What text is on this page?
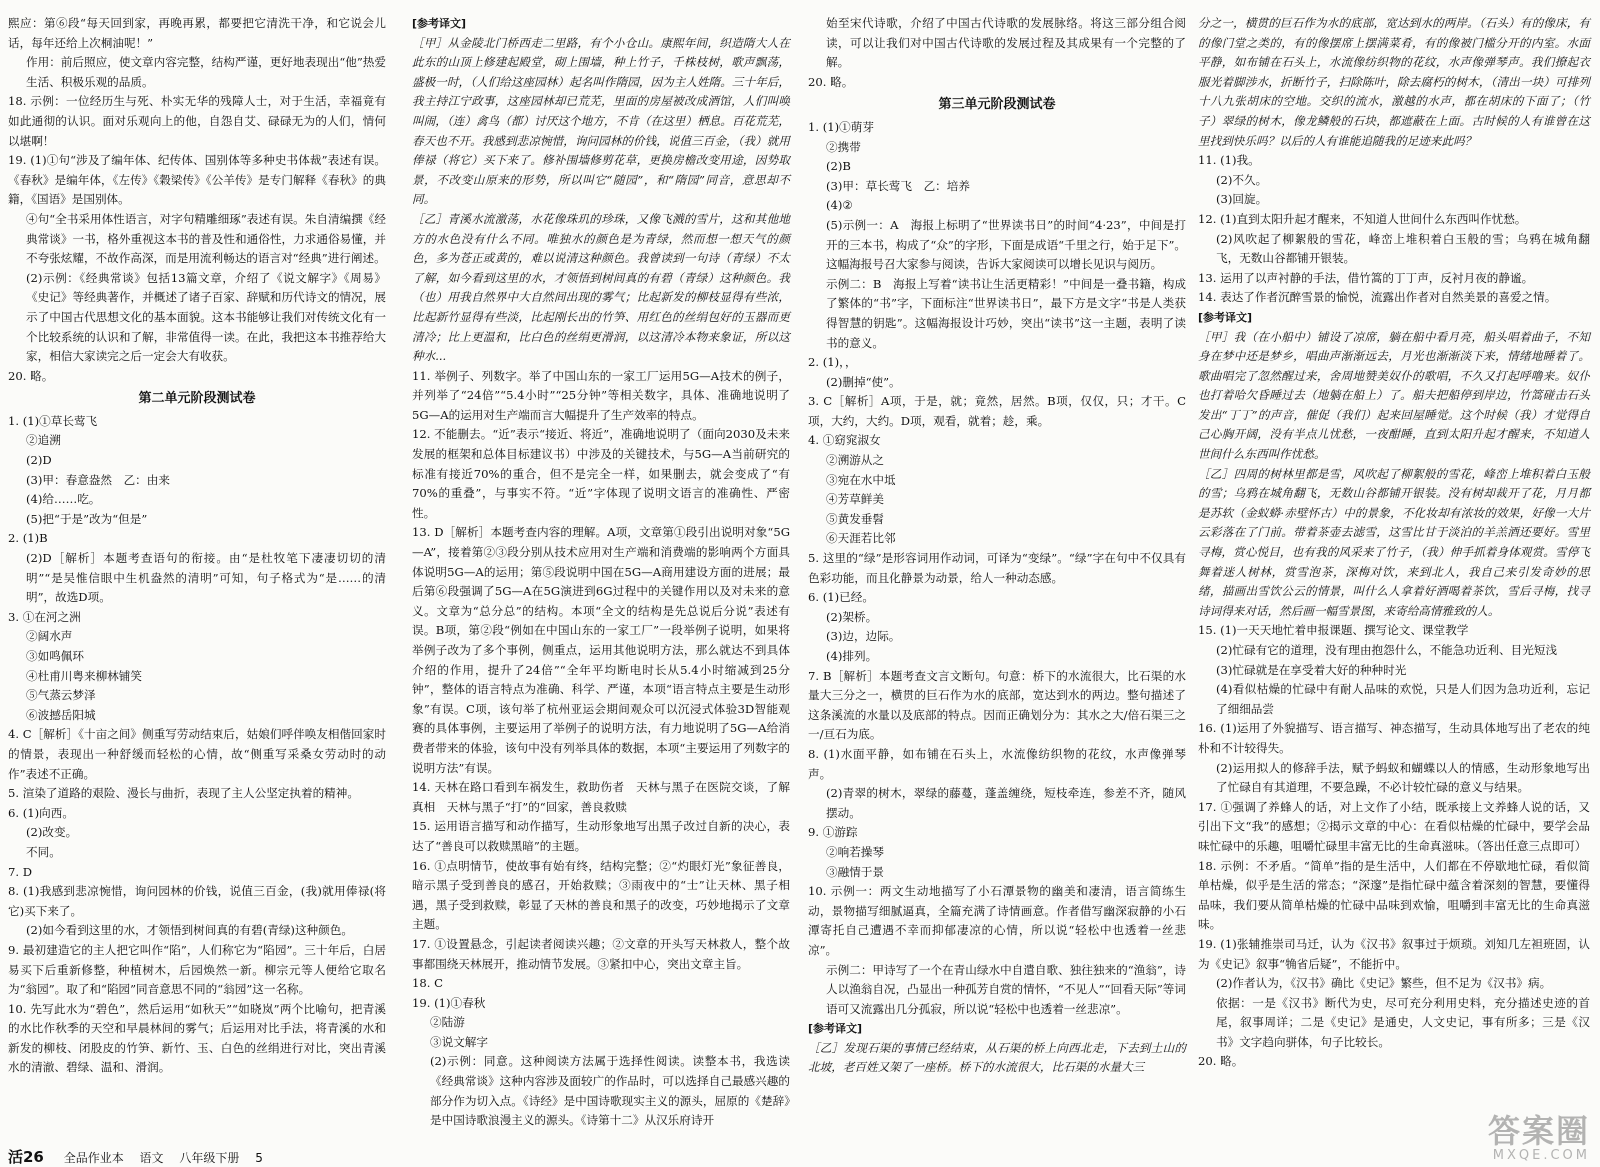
熙应：第⑥段“每天回到家，再晚再累，都要把它清洗干净，和它说会儿话，每年还给上次桐油呢！”

作用：前后照应，使文章内容完整，结构严谨，更好地表现出“他”热爱生活、积极乐观的品质。

18. 示例：一位经历生与死、朴实无华的残障人士，对于生活，幸福竟有如此通彻的认识。面对乐观向上的他，自怨自艾、碌碌无为的人们，情何以堪啊！

19. (1)①句“涉及了编年体、纪传体、国别体等多种史书体裁”表述有误。《春秋》是编年体，《左传》《穀梁传》《公羊传》是专门解释《春秋》的典籍，《国语》是国别体。

④句“全书采用体性语言，对字句精雕细琢”表述有误。朱自清编撰《经典常谈》一书，格外重视这本书的普及性和通俗性，力求通俗易懂，并不夸张炫耀，不故作高深，而是用流利畅达的语言对“经典”进行阐述。

(2)示例：《经典常谈》包括13篇文章，介绍了《说文解字》《周易》《史记》等经典著作，并概述了诸子百家、辞赋和历代诗文的情况，展示了中国古代思想文化的基本面貌。这本书能够让我们对传统文化有一个比较系统的认识和了解，非常值得一读。在此，我把这本书推荐给大家，相信大家读完之后一定会大有收获。

20. 略。

第二单元阶段测试卷

1. (1)①草长莺飞

②追溯

(2)D

(3)甲：春意盎然　乙：由来

(4)给……吃。

(5)把“于是”改为“但是”

2. (1)B

(2)D［解析］本题考查语句的衔接。由“是杜牧笔下凄凄切切的清明”“是吴惟信眼中生机盎然的清明”可知，句子格式为“是……的清明”，故选D项。

3. ①在河之洲

②阔水声

③如鸣佩环

④杜甫川粤来柳林铺笑

⑤气蒸云梦泽

⑥波撼岳阳城

4. C［解析］《十亩之间》侧重写劳动结束后，姑娘们呼伴唤友相偕回家时的情景，表现出一种舒缓而轻松的心情，故“侧重写采桑女劳动时的动作”表述不正确。

5. 渲染了道路的艰险、漫长与曲折，表现了主人公坚定执着的精神。

6. (1)向西。

(2)改变。

不同。

7. D

8. (1)我感到悲凉惋惜，询问园林的价钱，说值三百金，(我)就用俸禄(将它)买下来了。

(2)如今看到这里的水，才领悟到树间真的有碧(青绿)这种颜色。

9. 最初建造它的主人把它叫作“陷”，人们称它为“陷园”。三十年后，白居易买下后重新修整，种植树木，后园焕然一新。柳宗元等人便给它取名为“翁园”。取了和“陷园”同音意思不同的“翁园”这一名称。

10. 先写此水为“碧色”，然后运用“如秋天”“如晓岚”两个比喻句，把青溪的水比作秋季的天空和早晨林间的雾气；后运用对比手法，将青溪的水和新发的柳枝、闭股皮的竹笋、新竹、玉、白色的丝绢进行对比，突出青溪水的清澈、碧绿、温和、滑润。

[参考译文]

［甲］从金陵北门桥西走二里路，有个小仓山。康熙年间，织造隋大人在此东的山顶上修建起殿堂，砌上围墙，种上竹子，千株枝树，歌声飘荡，盛极一时，（人们给这座园林）起名叫作隋园，因为主人姓隋。三十年后，我主持江宁政事，这座园林却已荒芜，里面的房屋被改成酒馆，人们叫唤叫闹，（连）禽鸟（都）讨厌这个地方，不肯（在这里）栖息。百花荒芜，春天也不开。我感到悲凉惋惜，询问园林的价钱，说值三百金，（我）就用俸禄（将它）买下来了。修补围墙修剪花草，更换房檐改变用途，因势取景，不改变山原来的形势，所以叫它“随园”，和“隋园”同音，意思却不同。

［乙］青溪水流激荡，水花像珠玑的珍珠，又像飞溅的雪片，这和其他地方的水色没有什么不同。唯独水的颜色是为青绿，然而想一想天气的颜色，多为苍正或黄的，难以说清这种颜色。我曾读到一句诗（青绿）不太了解，如今看到这里的水，才领悟到树间真的有碧（青绿）这种颜色。我（也）用我自然界中大自然间出现的雾气；比起新发的柳枝显得有些浓，比起新竹显得有些淡，比起刚长出的竹笋、用红色的丝绢包好的玉器而更清冷；比上更温和，比白色的丝绢更滑润，以这清冷本物来象证，所以这种水...

11. 举例子、列数字。举了中国山东的一家工厂运用5G—A技术的例子，并列举了“24倍”“5.4小时”“25分钟”等相关数字，具体、准确地说明了5G—A的运用对生产端而言大幅提升了生产效率的特点。

12. 不能删去。“近”表示“接近、将近”，准确地说明了（面向2030及未来发展的框架和总体目标建议书）中涉及的关键技术，与5G—A当前研究的标准有接近70%的重合，但不是完全一样，如果删去，就会变成了“有70%的重叠”，与事实不符。“近”字体现了说明文语言的准确性、严密性。

13. D［解析］本题考查内容的理解。A项，文章第①段引出说明对象“5G—A”，接着第②③段分别从技术应用对生产端和消费端的影响两个方面具体说明5G—A的运用；第⑤段说明中国在5G—A商用建设方面的进展；最后第⑥段强调了5G—A在5G演进到6G过程中的关键作用以及对未来的意义。文章为“总分总”的结构。本项“全文的结构是先总说后分说”表述有误。B项，第②段“例如在中国山东的一家工厂”一段举例子说明，如果将举例子改为了多个事例，侧重点，运用其他说明方法，那么就达不到具体介绍的作用，提升了24倍”“全年平均断电时长从5.4小时缩减到25分钟”，整体的语言特点为准确、科学、严谨，本项“语言特点主要是生动形象”有误。C项，该句举了杭州亚运会期间观众可以沉浸式体验3D智能观赛的具体事例，主要运用了举例子的说明方法，有力地说明了5G—A给消费者带来的体验，该句中没有列举具体的数据，本项“主要运用了列数字的说明方法”有误。

14. 天林在路口看到车祸发生，救助伤者　天林与黑子在医院交谈，了解真相　天林与黑子“打”的“回家，善良救赎

15. 运用语言描写和动作描写，生动形象地写出黑子改过自新的决心，表达了“善良可以救赎黑暗”的主题。

16. ①点明情节，使故事有始有终，结构完整；②“灼眼灯光”象征善良，暗示黑子受到善良的感召，开始救赎；③雨夜中的“士”让天林、黑子相遇，黑子受到救赎，彰显了天林的善良和黑子的改变，巧妙地揭示了文章主题。

17. ①设置悬念，引起读者阅读兴趣；②文章的开头写天林救人，整个故事都围绕天林展开，推动情节发展。③紧扣中心，突出文章主旨。

18. C

19. (1)①春秋

②陆游

③说文解字

(2)示例：同意。这种阅读方法属于选择性阅读。读整本书，我选读《经典常谈》这种内容涉及面较广的作品时，可以选择自己最感兴趣的部分作为切入点。《诗经》是中国诗歌现实主义的源头，屈原的《楚辞》是中国诗歌浪漫主义的源头。《诗第十二》从汉乐府诗开

始至宋代诗歌，介绍了中国古代诗歌的发展脉络。将这三部分组合阅读，可以让我们对中国古代诗歌的发展过程及其成果有一个完整的了解。

20. 略。

第三单元阶段测试卷

1. (1)①萌芽

②携带

(2)B

(3)甲：草长莺飞　乙：培养

(4)②

(5)示例一：A　海报上标明了“世界读书日”的时间“4·23”，中间是打开的三本书，构成了“众”的字形，下面是成语“千里之行，始于足下”。这幅海报号召大家参与阅读，告诉大家阅读可以增长见识与阅历。

示例二：B　海报上写着“读书让生活更精彩！”中间是一叠书籍，构成了繁体的“书”字，下面标注“世界读书日”，最下方是文字“书是人类获得智慧的钥匙”。这幅海报设计巧妙，突出“读书”这一主题，表明了读书的意义。

2. (1)，，

(2)删掉“使”。

3. C［解析］A项，于是，就；竟然，居然。B项，仅仅，只；才干。C项，大约，大约。D项，观看，就着；趁，乘。

4. ①窈窕淑女

②溯游从之

③宛在水中坻

④芳草鲜美

⑤黄发垂髫

⑥天涯若比邻

5. 这里的“绿”是形容词用作动词，可译为“变绿”。“绿”字在句中不仅具有色彩功能，而且化静景为动景，给人一种动态感。

6. (1)已经。

(2)架桥。

(3)边，边际。

(4)排列。

7. B［解析］本题考查文言文断句。句意：桥下的水流很大，比石渠的水量大三分之一，横贯的巨石作为水的底部，宽达到水的两边。整句描述了这条溪流的水量以及底部的特点。因而正确划分为：其水之大/倍石渠三之一/亘石为底。

8. (1)水面平静，如布铺在石头上，水流像纺织物的花纹，水声像弹琴声。

(2)青翠的树木，翠绿的藤蔓，蓬盖缠绕，短枝牵连，参差不齐，随风摆动。

9. ①游踪

②响若操琴

③融情于景

10. 示例一：两文生动地描写了小石潭景物的幽美和凄清，语言简练生动，景物描写细腻逼真，全篇充满了诗情画意。作者借写幽深寂静的小石潭寄托自己遭遇不幸而抑郁凄凉的心情，所以说“轻松中也透着一丝悲凉”。

示例二：甲诗写了一个在青山绿水中自遣自歌、独往独来的“渔翁”，诗人以渔翁自况，凸显出一种孤芳自赏的情怀，“不见人”“回看天际”等词语可又流露出几分孤寂，所以说“轻松中也透着一丝悲凉”。

[参考译文]

［乙］发现石渠的事情已经结束，从石渠的桥上向西北走，下去到土山的北坡，老百姓又架了一座桥。桥下的水流很大，比石渠的水量大三

分之一，横贯的巨石作为水的底部，宽达到水的两岸。（石头）有的像床，有的像门堂之类的，有的像摆席上摆满菜肴，有的像被门槛分开的内室。水面平静，如布铺在石头上，水流像纺织物的花纹，水声像弹琴声。我们撩起衣服光着脚涉水，折断竹子，扫除陈叶，除去腐朽的树木，（清出一块）可排列十八九张胡床的空地。交织的流水，激越的水声，都在胡床的下面了；（竹子）翠绿的树木，像龙鳞般的石块，都遮蔽在上面。古时候的人有谁曾在这里找到快乐吗？以后的人有谁能追随我的足迹来此吗？

11. (1)我。

(2)不久。

(3)回旋。

12. (1)直到太阳升起才醒来，不知道人世间什么东西叫作忧愁。

(2)风吹起了柳絮般的雪花，峰峦上堆积着白玉般的雪；乌鸦在城角翻飞，无数山谷都铺开银装。

13. 运用了以声衬静的手法，借竹篙的丁丁声，反衬月夜的静谧。

14. 表达了作者沉醉雪景的愉悦，流露出作者对自然美景的喜爱之情。

[参考译文]

［甲］我（在小船中）铺设了凉席，躺在船中看月亮，船头唱着曲子，不知身在梦中还是梦乡，唱曲声渐渐远去，月光也渐渐淡下来，情绪地睡着了。歌曲唱完了忽然醒过来，舍周地赞美奴仆的歌唱，不久又打起呼噜来。奴仆也打着哈欠昏睡过去（地躺在船上）了。船夫把船停到岸边，竹篙碰击石头发出“丁丁”的声音，催促（我们）起来回屋睡觉。这个时候（我）才觉得自己心胸开阔，没有半点儿忧愁，一夜酣睡，直到太阳升起才醒来，不知道人世间什么东西叫作忧愁。

［乙］四周的树林里都是雪，风吹起了柳絮般的雪花，峰峦上堆积着白玉般的雪；乌鸦在城角翻飞，无数山谷都铺开银装。没有树却裁开了花，月月都是苏软（金蚁蟒·赤壁怀古）中的景象，不化妆却有浓妆的效果，好像一大片云彩落在了门前。带着茶壶去滤雪，这雪比甘于淡泊的羊羔酒还要好。雪里寻梅，赏心悦目，也有我的风采来了竹子，（我）伸手抓着身体观赏。雪停飞舞着迷人树林，赏雪泡茶，深梅对饮，来到北人，我自己来引发奇妙的思绪，描画出雪饮公云的情景，叫什么人拿着好酒喝着茶饮，雪后寻梅，找寻诗词得来对话，然后画一幅雪景图，来寄给高情雅致的人。

15. (1)一天天地忙着申报课题、撰写论文、课堂教学

(2)忙碌有它的道理，没有理由抱怨什么，不能急功近利、目光短浅

(3)忙碌就是在享受着大好的种种时光

(4)看似枯燥的忙碌中有耐人品味的欢悦，只是人们因为急功近利，忘记了细细品尝

16. (1)运用了外貌描写、语言描写、神态描写，生动具体地写出了老农的纯朴和不计较得失。

(2)运用拟人的修辞手法，赋予蚂蚁和蝴蝶以人的情感，生动形象地写出了忙碌自有其道理，不要急躁，不必计较忙碌的意义与结果。

17. ①强调了养蜂人的话，对上文作了小结，既承接上文养蜂人说的话，又引出下文“我”的感想；②揭示文章的中心：在看似枯燥的忙碌中，要学会品味忙碌中的乐趣，咀嚼忙碌里丰富无比的生命真滋味。（答出任意三点即可）

18. 示例：不矛盾。“简单”指的是生活中，人们都在不停歇地忙碌，看似简单枯燥，似乎是生活的常态；“深邃”是指忙碌中蕴含着深刻的智慧，要懂得品味，我们要从简单枯燥的忙碌中品味到欢愉，咀嚼到丰富无比的生命真滋味。

19. (1)张辅推崇司马迁，认为《汉书》叙事过于烦琐。刘知几左袒班固，认为《史记》叙事“觕省后疑”，不能折中。

(2)作者认为，《汉书》确比《史记》繁些，但不足为《汉书》病。

依据：一是《汉书》断代为史，尽可充分利用史料，充分描述史迹的首尾，叙事周详；二是《史记》是通史，人文史记，事有所多；三是《汉书》文字趋向骈体，句子比较长。

20. 略。

活26 全品作业本 语文 八年级下册 5
答案圈
MXQE.COM
